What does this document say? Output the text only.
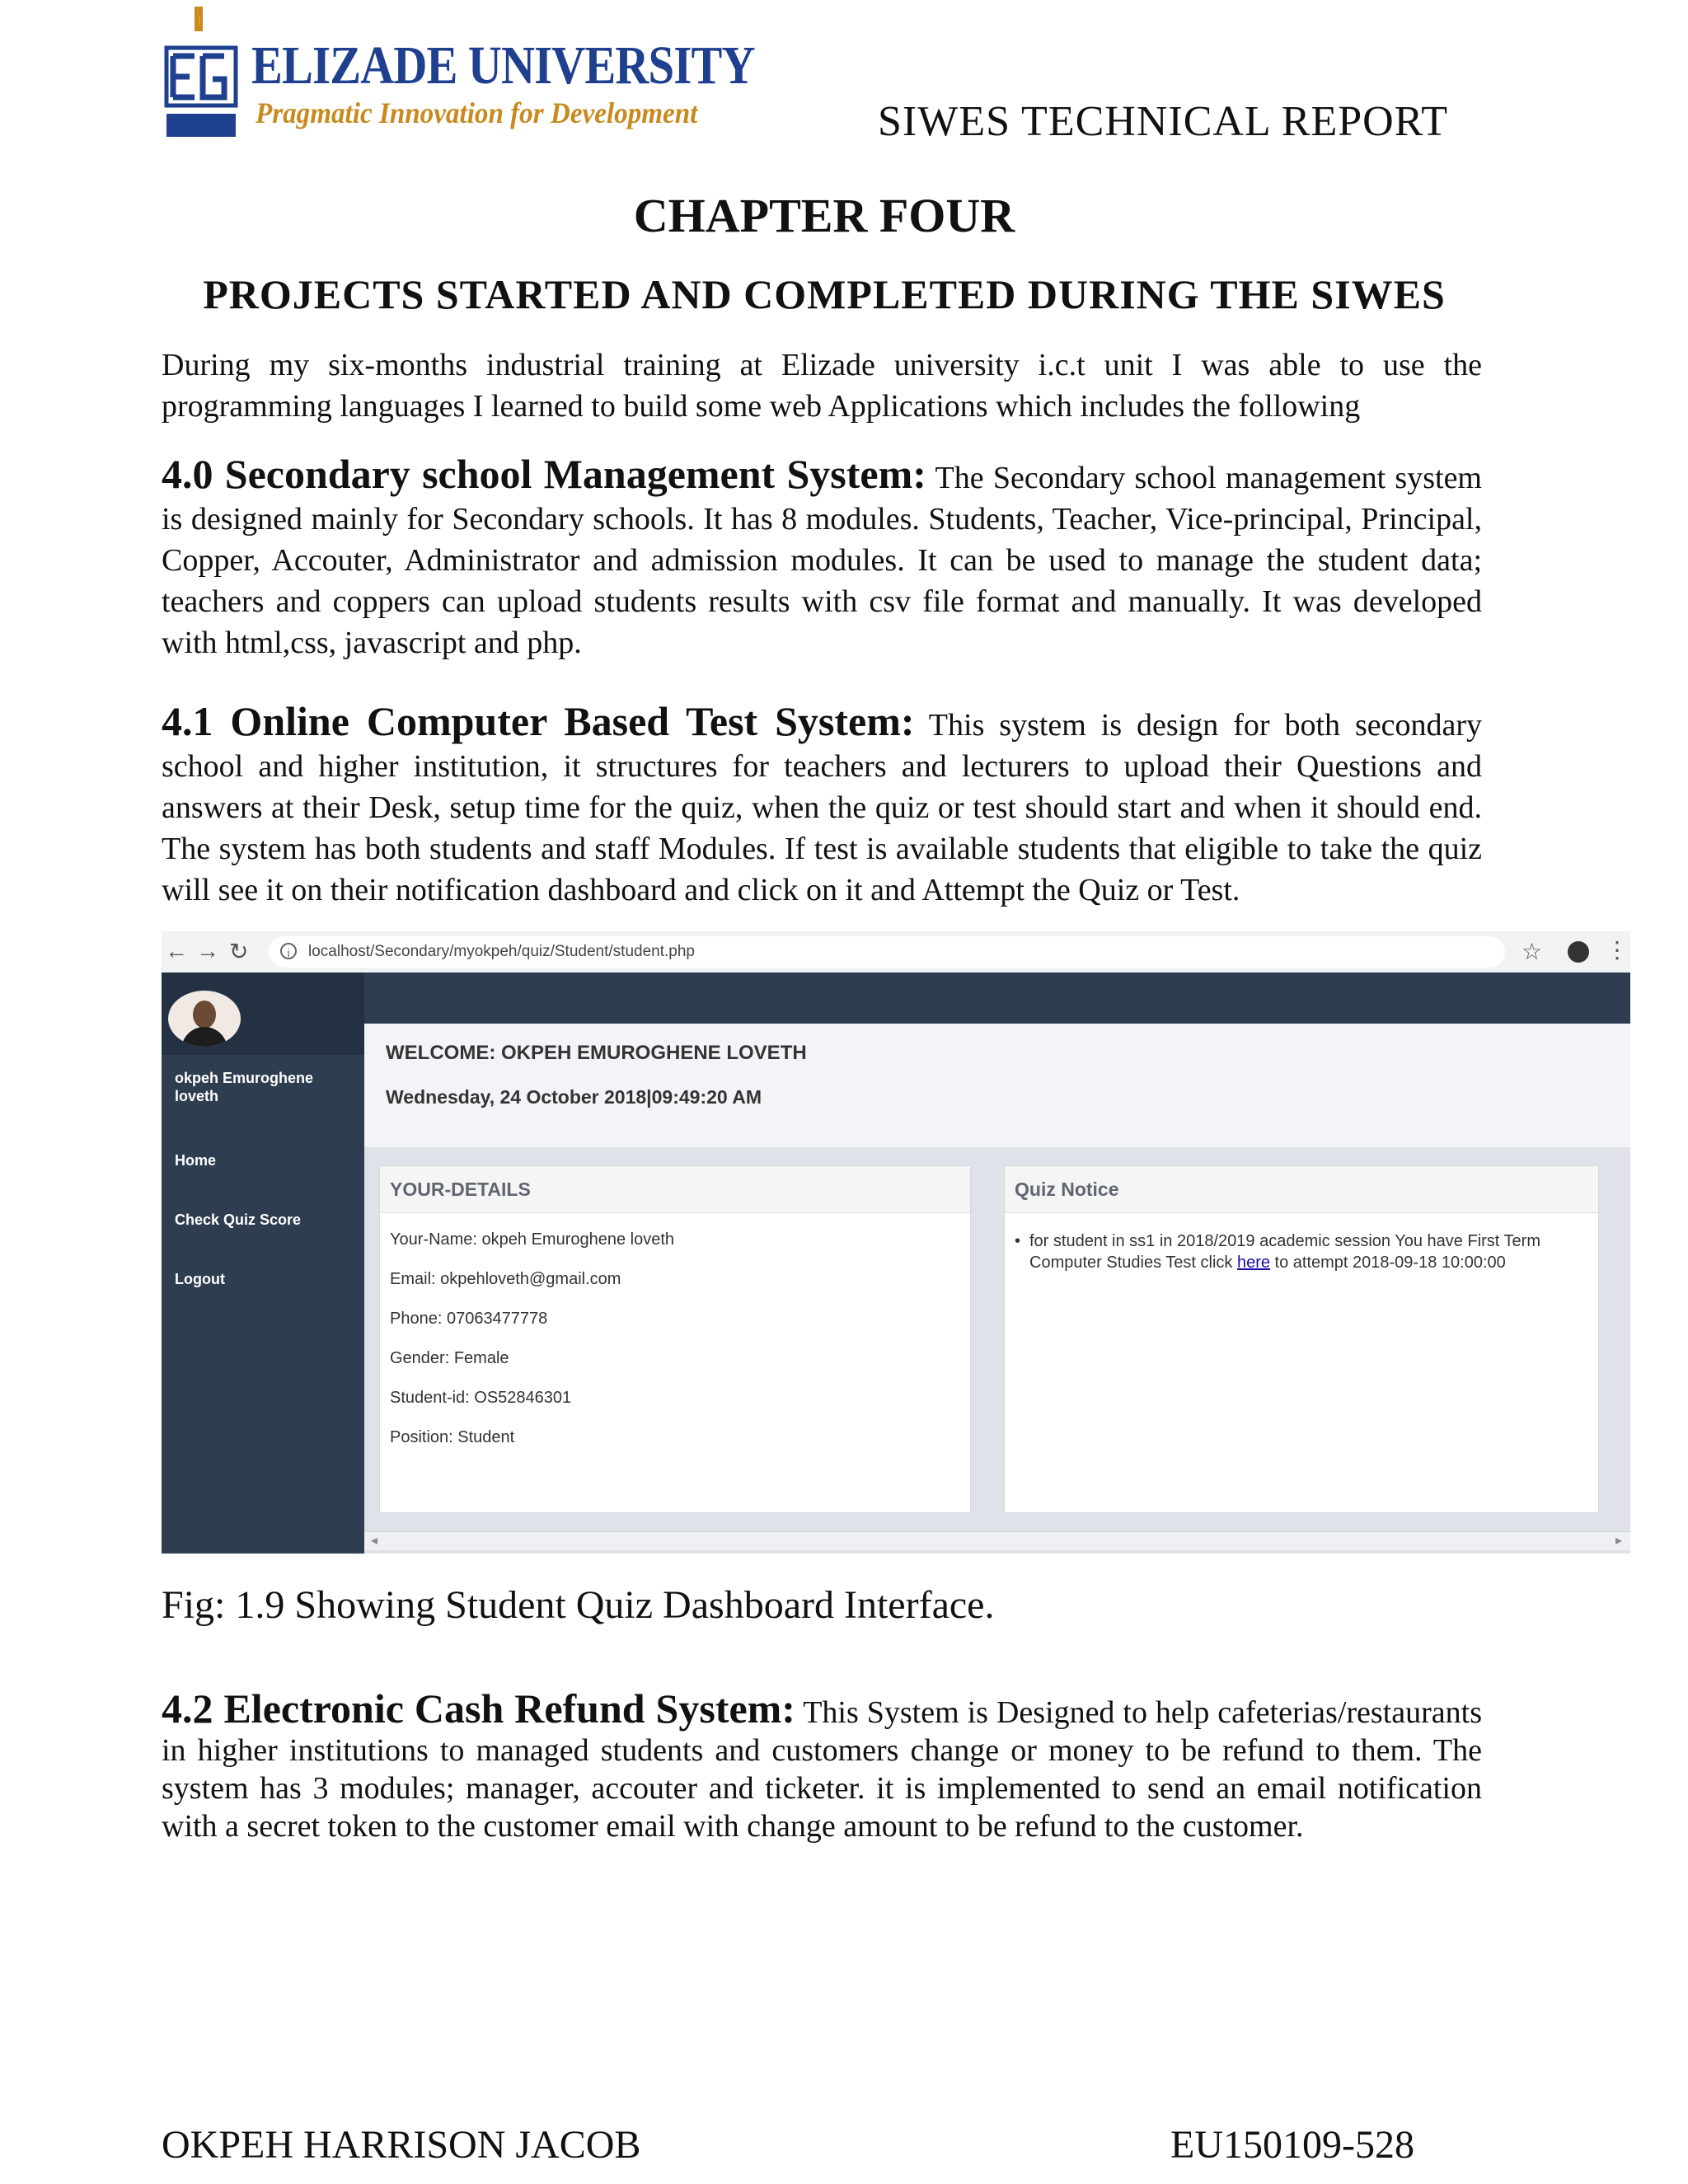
ELIZADE UNIVERSITY
Pragmatic Innovation for Development	SIWES TECHNICAL REPORT
CHAPTER FOUR
PROJECTS STARTED AND COMPLETED DURING THE SIWES

During my six-months industrial training at Elizade university i.c.t unit I was able to use the programming languages I learned to build some web Applications which includes the following

4.0 Secondary school Management System: The Secondary school management system is designed mainly for Secondary schools. It has 8 modules. Students, Teacher, Vice-principal, Principal, Copper, Accouter, Administrator and admission modules. It can be used to manage the student data; teachers and coppers can upload students results with csv file format and manually. It was developed with html,css, javascript and php.

4.1 Online Computer Based Test System: This system is design for both secondary school and higher institution, it structures for teachers and lecturers to upload their Questions and answers at their Desk, setup time for the quiz, when the quiz or test should start and when it should end. The system has both students and staff Modules. If test is available students that eligible to take the quiz will see it on their notification dashboard and click on it and Attempt the Quiz or Test.

← → ↻	i	localhost/Secondary/myokpeh/quiz/Student/student.php	☆	⋮
okpeh Emuroghene loveth
Home
Check Quiz Score
Logout
WELCOME: OKPEH EMUROGHENE LOVETH
Wednesday, 24 October 2018|09:49:20 AM
YOUR-DETAILS
Your-Name: okpeh Emuroghene loveth
Email: okpehloveth@gmail.com
Phone: 07063477778
Gender: Female
Student-id: OS52846301
Position: Student
Quiz Notice
• for student in ss1 in 2018/2019 academic session You have First Term Computer Studies Test click here to attempt 2018-09-18 10:00:00
◂	▸
Fig: 1.9 Showing Student Quiz Dashboard Interface.

4.2 Electronic Cash Refund System: This System is Designed to help cafeterias/restaurants in higher institutions to managed students and customers change or money to be refund to them. The system has 3 modules; manager, accouter and ticketer. it is implemented to send an email notification with a secret token to the customer email with change amount to be refund to the customer.

OKPEH HARRISON JACOB	EU150109-528
